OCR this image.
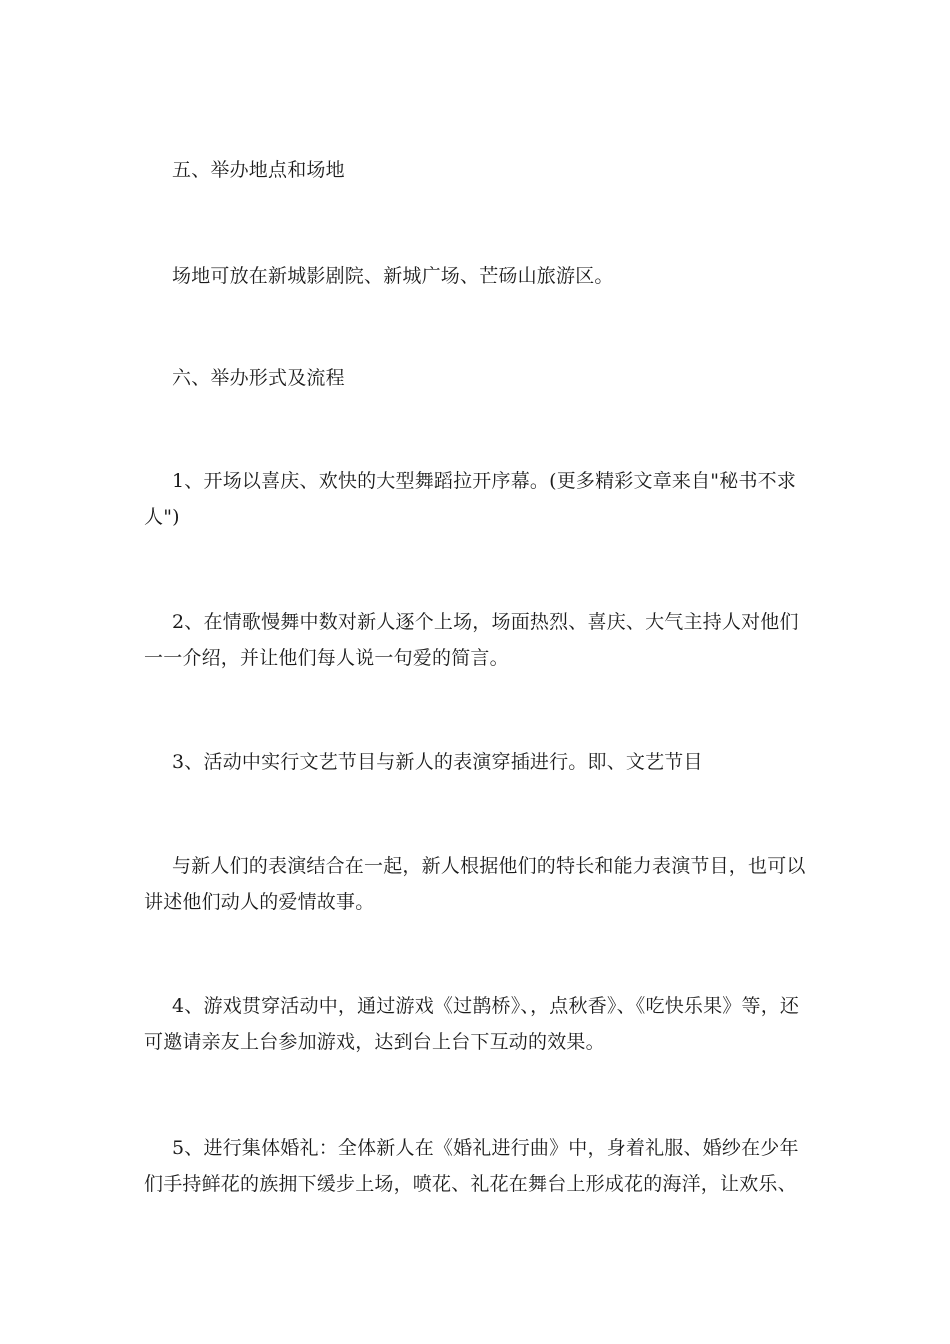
五、举办地点和场地

场地可放在新城影剧院、新城广场、芒砀山旅游区。

六、举办形式及流程

1、开场以喜庆、欢快的大型舞蹈拉开序幕。(更多精彩文章来自"秘书不求人")

2、在情歌慢舞中数对新人逐个上场，场面热烈、喜庆、大气主持人对他们一一介绍，并让他们每人说一句爱的简言。

3、活动中实行文艺节目与新人的表演穿插进行。即、文艺节目

与新人们的表演结合在一起，新人根据他们的特长和能力表演节目，也可以讲述他们动人的爱情故事。

4、游戏贯穿活动中，通过游戏《过鹊桥》、，点秋香》、《吃快乐果》等，还可邀请亲友上台参加游戏，达到台上台下互动的效果。

5、进行集体婚礼：全体新人在《婚礼进行曲》中，身着礼服、婚纱在少年们手持鲜花的族拥下缓步上场，喷花、礼花在舞台上形成花的海洋，让欢乐、
